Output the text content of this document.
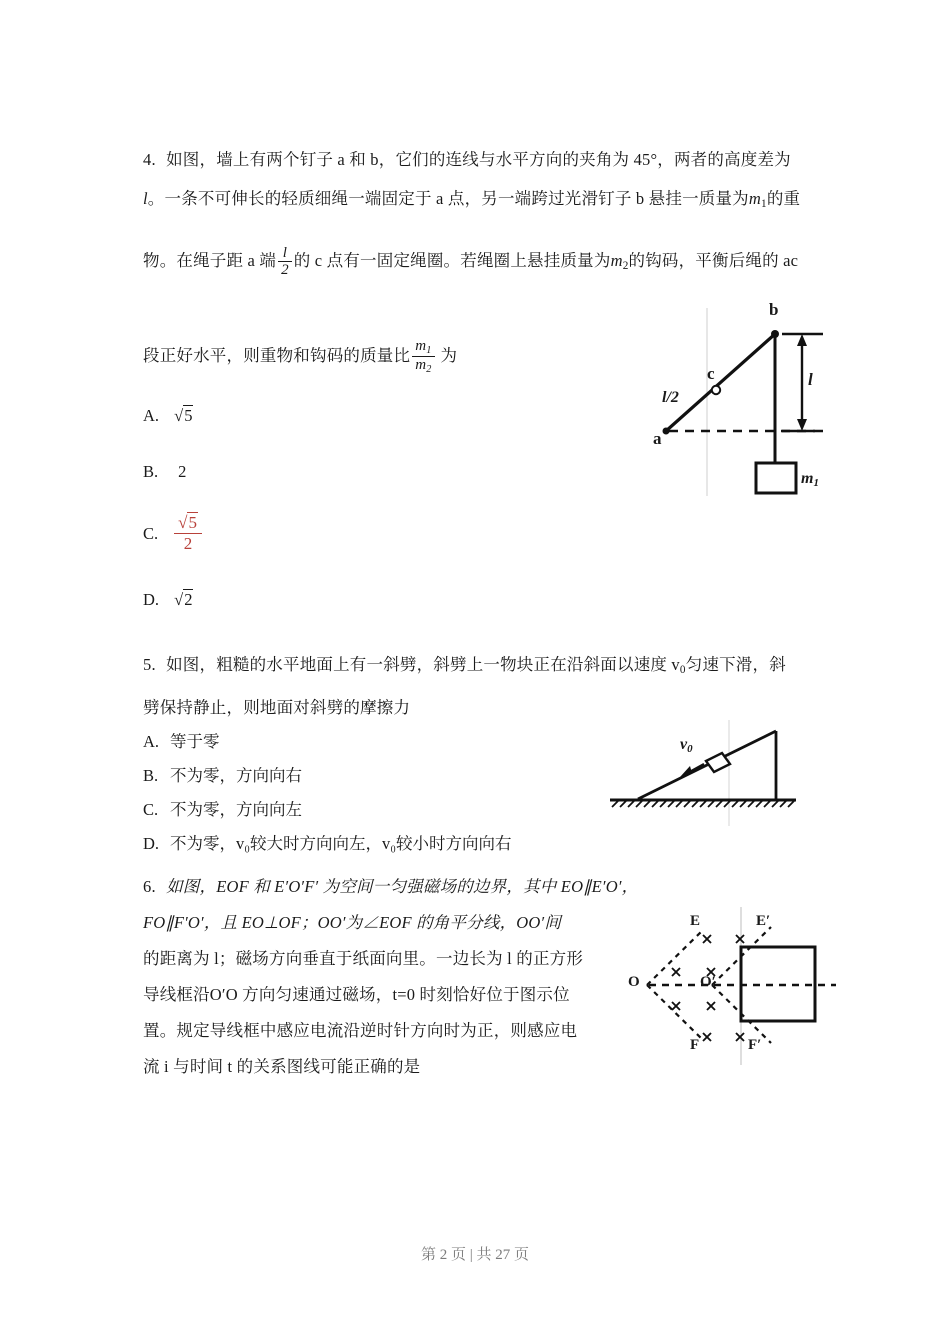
4. 如图，墙上有两个钉子 a 和 b，它们的连线与水平方向的夹角为 45°，两者的高度差为
l。一条不可伸长的轻质细绳一端固定于 a 点，另一端跨过光滑钉子 b 悬挂一质量为$m_1$的重
物。在绳子距 a 端 $\frac{l}{2}$ 的 c 点有一固定绳圈。若绳圈上悬挂质量为$m_2$的钩码，平衡后绳的 ac
段正好水平，则重物和钩码的质量比 $\frac{m_1}{m_2}$ 为
A. √5
B. 2
C. $\frac{√5}{2}$
D. √2
5. 如图，粗糙的水平地面上有一斜劈，斜劈上一物块正在沿斜面以速度 $v_0$匀速下滑，斜
劈保持静止，则地面对斜劈的摩擦力
A. 等于零
B. 不为零，方向向右
C. 不为零，方向向左
D. 不为零，v₀较大时方向向左，v₀较小时方向向右
6. 如图，EOF 和 E′O′F′ 为空间一匀强磁场的边界，其中 EO∥E′O′，
FO∥F′O′，且 EO⊥OF；OO′为∠EOF 的角平分线，OO′间
的距离为 l；磁场方向垂直于纸面向里。一边长为 l 的正方形
导线框沿O′O 方向匀速通过磁场，t=0 时刻恰好位于图示位
置。规定导线框中感应电流沿逆时针方向时为正，则感应电
流 i 与时间 t 的关系图线可能正确的是
b
a
c
l/2
l
$m_1$
$v_0$
E	E′
F	F′
O	O′
第 2 页 | 共 27 页
